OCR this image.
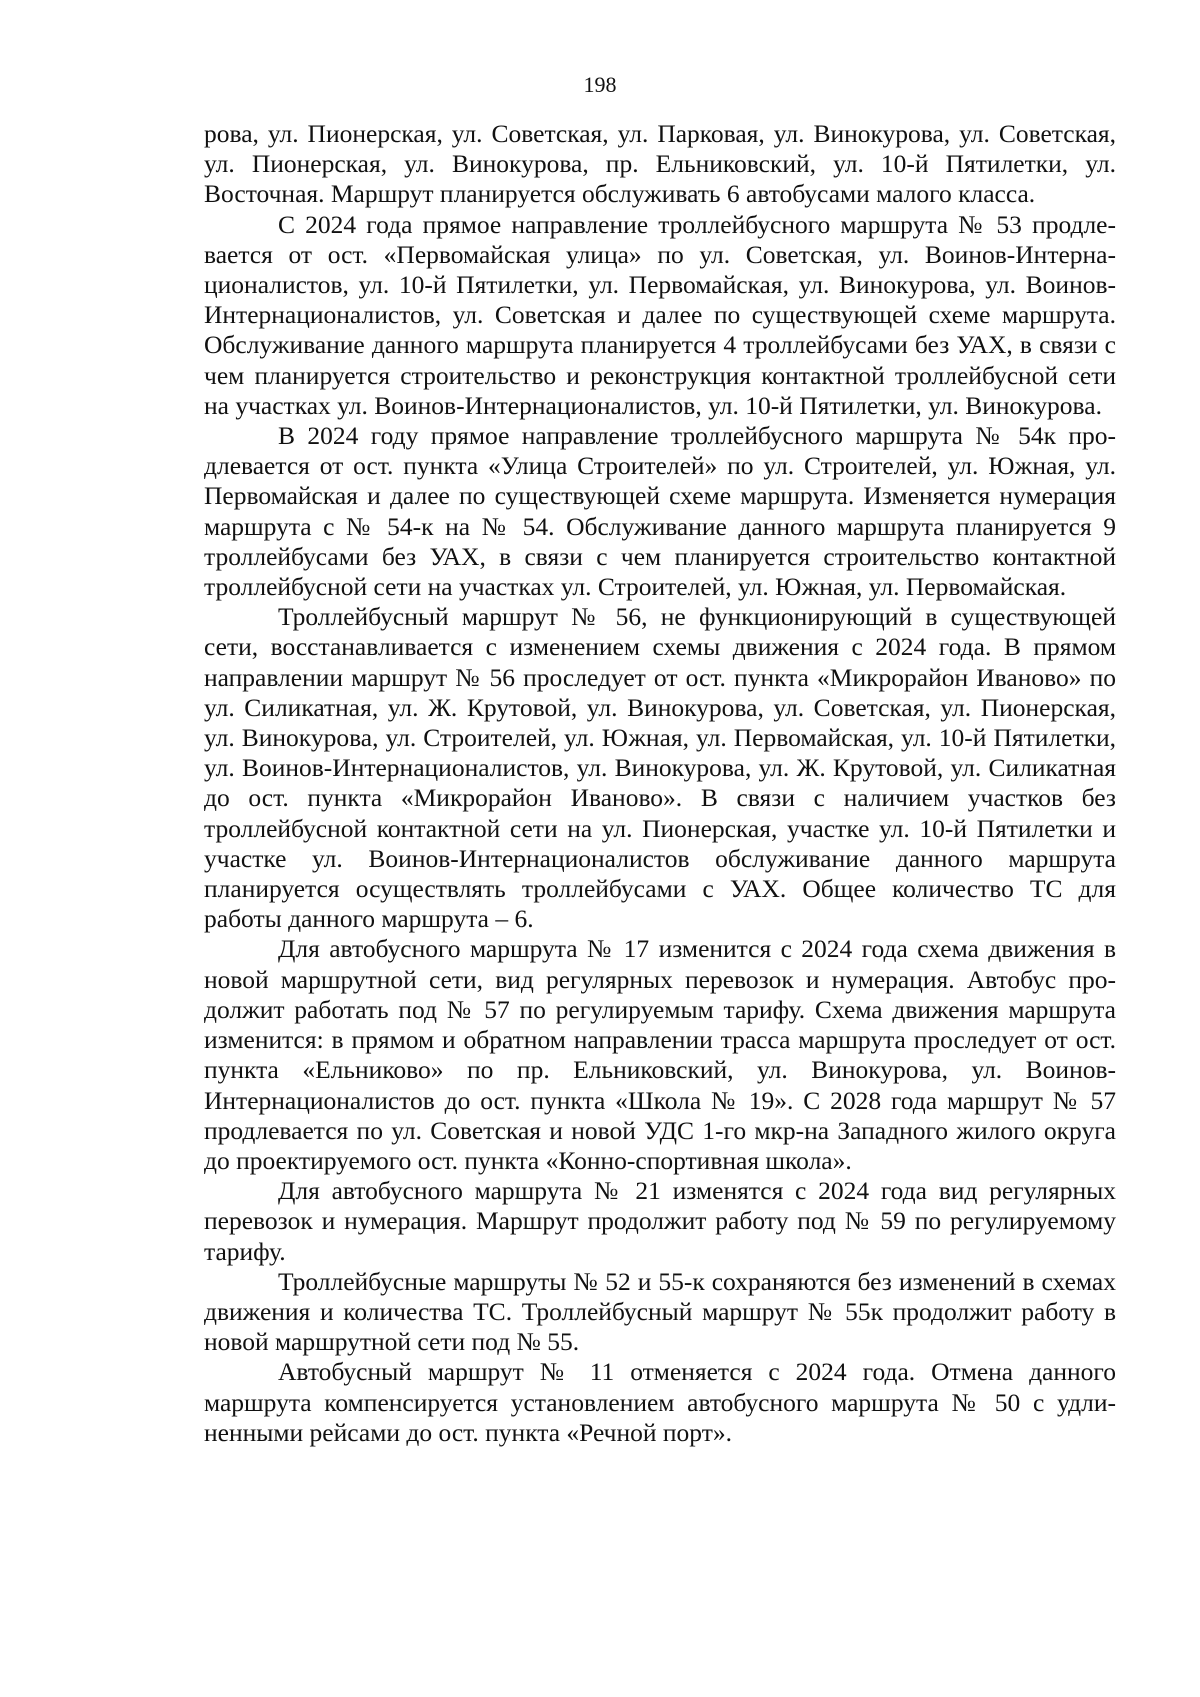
198

рова, ул. Пионерская, ул. Советская, ул. Парковая, ул. Винокурова, ул. Советская, ул. Пионерская, ул. Винокурова, пр. Ельниковский, ул. 10-й Пятилетки, ул. Восточная. Маршрут планируется обслуживать 6 автобусами малого класса.

С 2024 года прямое направление троллейбусного маршрута № 53 продлевается от ост. «Первомайская улица» по ул. Советская, ул. Воинов-Интернационалистов, ул. 10-й Пятилетки, ул. Первомайская, ул. Винокурова, ул. Воинов-Интернационалистов, ул. Советская и далее по существующей схеме маршрута. Обслуживание данного маршрута планируется 4 троллейбусами без УАХ, в связи с чем планируется строительство и реконструкция контактной троллейбусной сети на участках ул. Воинов-Интернационалистов, ул. 10-й Пятилетки, ул. Винокурова.

В 2024 году прямое направление троллейбусного маршрута № 54к продлевается от ост. пункта «Улица Строителей» по ул. Строителей, ул. Южная, ул. Первомайская и далее по существующей схеме маршрута. Изменяется нумерация маршрута с № 54-к на № 54. Обслуживание данного маршрута планируется 9 троллейбусами без УАХ, в связи с чем планируется строительство контактной троллейбусной сети на участках ул. Строителей, ул. Южная, ул. Первомайская.

Троллейбусный маршрут № 56, не функционирующий в существующей сети, восстанавливается с изменением схемы движения с 2024 года. В прямом направлении маршрут № 56 проследует от ост. пункта «Микрорайон Иваново» по ул. Силикатная, ул. Ж. Крутовой, ул. Винокурова, ул. Советская, ул. Пионерская, ул. Винокурова, ул. Строителей, ул. Южная, ул. Первомайская, ул. 10-й Пятилетки, ул. Воинов-Интернационалистов, ул. Винокурова, ул. Ж. Крутовой, ул. Силикатная до ост. пункта «Микрорайон Иваново». В связи с наличием участков без троллейбусной контактной сети на ул. Пионерская, участке ул. 10-й Пятилетки и участке ул. Воинов-Интернационалистов обслуживание данного маршрута планируется осуществлять троллейбусами с УАХ. Общее количество ТС для работы данного маршрута – 6.

Для автобусного маршрута № 17 изменится с 2024 года схема движения в новой маршрутной сети, вид регулярных перевозок и нумерация. Автобус продолжит работать под № 57 по регулируемым тарифу. Схема движения маршрута изменится: в прямом и обратном направлении трасса маршрута проследует от ост. пункта «Ельниково» по пр. Ельниковский, ул. Винокурова, ул. Воинов-Интернационалистов до ост. пункта «Школа № 19». С 2028 года маршрут № 57 продлевается по ул. Советская и новой УДС 1-го мкр-на Западного жилого округа до проектируемого ост. пункта «Конно-спортивная школа».

Для автобусного маршрута № 21 изменятся с 2024 года вид регулярных перевозок и нумерация. Маршрут продолжит работу под № 59 по регулируемому тарифу.

Троллейбусные маршруты № 52 и 55-к сохраняются без изменений в схемах движения и количества ТС. Троллейбусный маршрут № 55к продолжит работу в новой маршрутной сети под № 55.

Автобусный маршрут № 11 отменяется с 2024 года. Отмена данного маршрута компенсируется установлением автобусного маршрута № 50 с удлиненными рейсами до ост. пункта «Речной порт».
